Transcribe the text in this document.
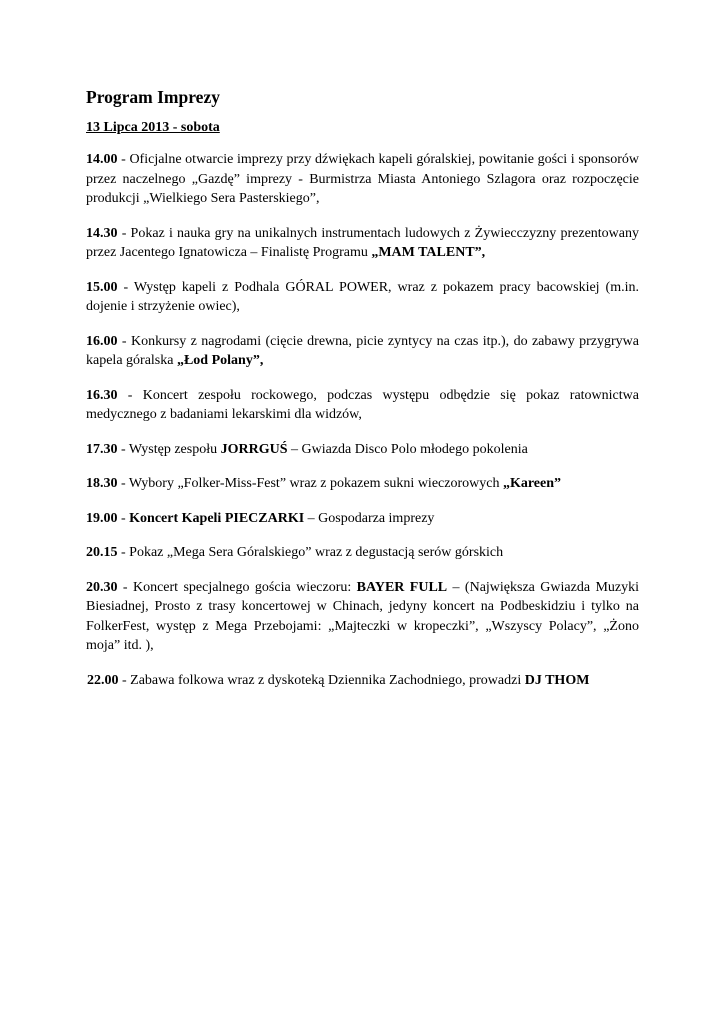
Program Imprezy
13 Lipca 2013 - sobota

14.00 - Oficjalne otwarcie imprezy przy dźwiękach kapeli góralskiej, powitanie gości i sponsorów przez naczelnego „Gazdę” imprezy - Burmistrza Miasta Antoniego Szlagora oraz rozpoczęcie produkcji „Wielkiego Sera Pasterskiego”,

14.30 - Pokaz i nauka gry na unikalnych instrumentach ludowych z Żywiecczyzny prezentowany przez Jacentego Ignatowicza – Finalistę Programu „MAM TALENT”,

15.00 - Występ kapeli z Podhala GÓRAL POWER, wraz z pokazem pracy bacowskiej (m.in. dojenie i strzyżenie owiec),

16.00 - Konkursy z nagrodami (cięcie drewna, picie zyntycy na czas itp.), do zabawy przygrywa kapela góralska „Łod Polany”,

16.30 - Koncert zespołu rockowego, podczas występu odbędzie się pokaz ratownictwa medycznego z badaniami lekarskimi dla widzów,

17.30 - Występ zespołu JORRGUŚ – Gwiazda Disco Polo młodego pokolenia

18.30 - Wybory „Folker-Miss-Fest” wraz z pokazem sukni wieczorowych „Kareen”

19.00 - Koncert Kapeli PIECZARKI – Gospodarza imprezy

20.15 - Pokaz „Mega Sera Góralskiego” wraz z degustacją serów górskich

20.30 - Koncert specjalnego gościa wieczoru: BAYER FULL – (Największa Gwiazda Muzyki Biesiadnej, Prosto z trasy koncertowej w Chinach, jedyny koncert na Podbeskidziu i tylko na FolkerFest, występ z Mega Przebojami: „Majteczki w kropeczki”, „Wszyscy Polacy”, „Żono moja” itd. ),

22.00 - Zabawa folkowa wraz z dyskoteką Dziennika Zachodniego, prowadzi DJ THOM
